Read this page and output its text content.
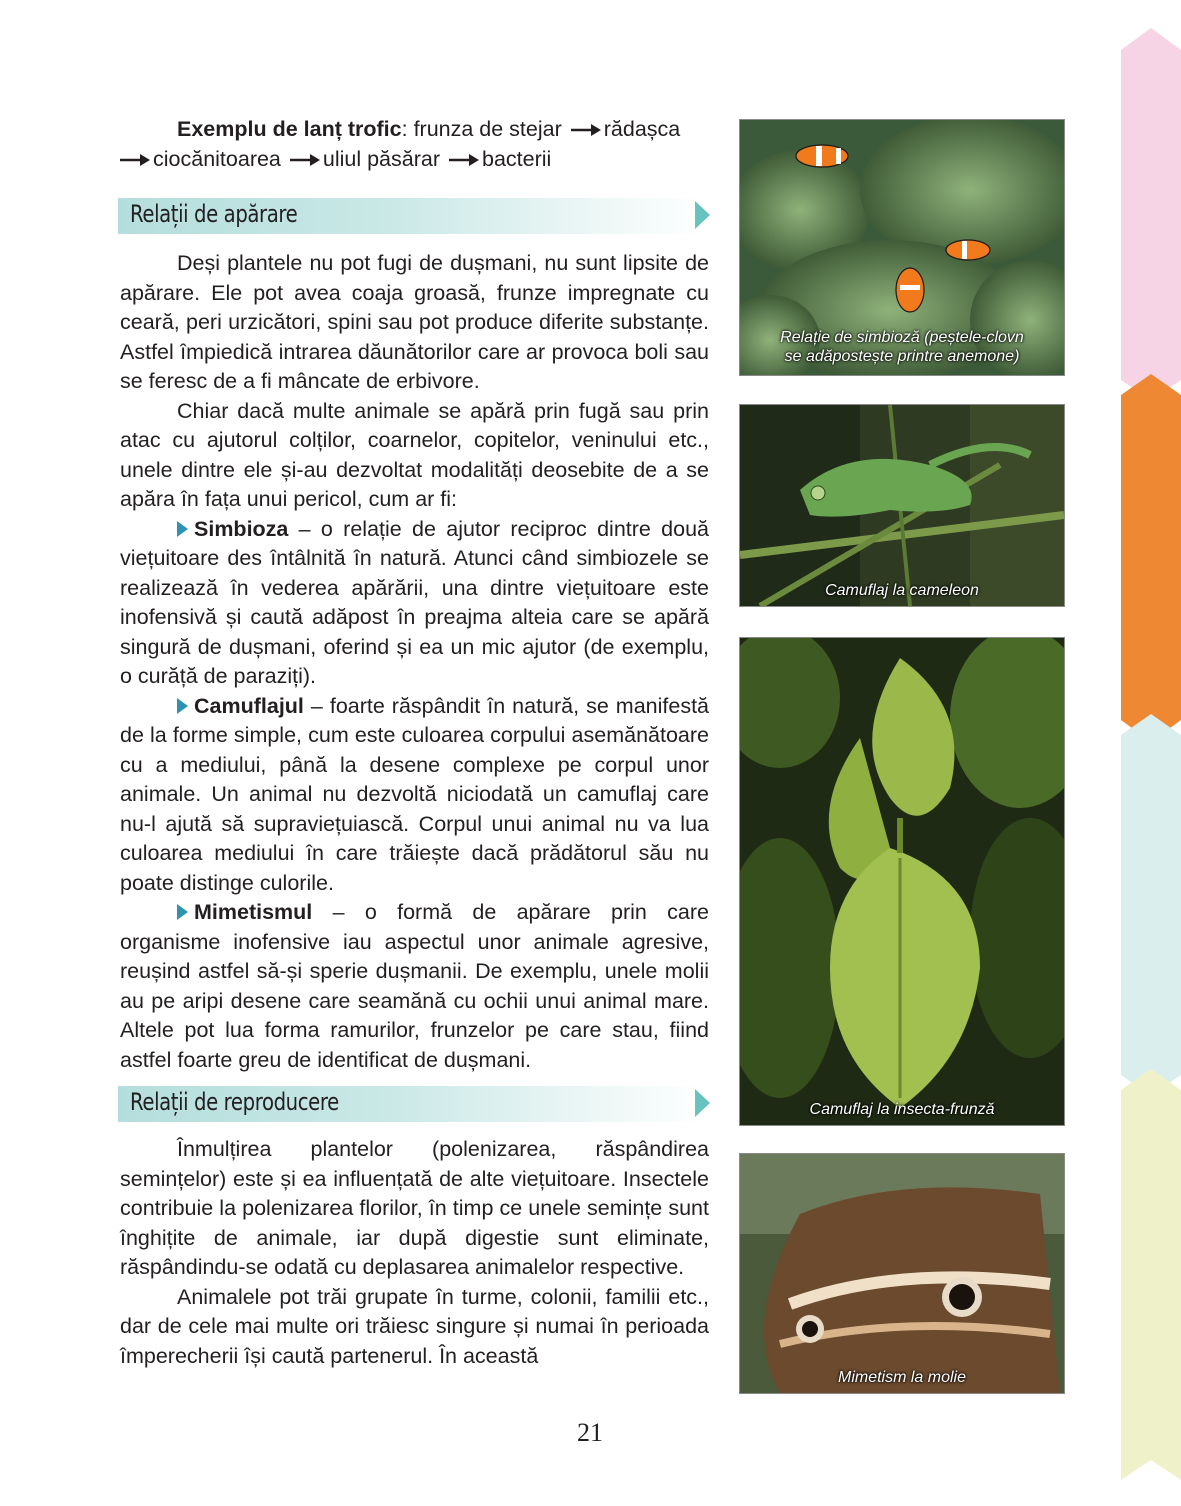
Exemplu de lanț trofic: frunza de stejar rădașca
ciocănitoarea uliul păsărar bacterii
Relații de apărare

Deși plantele nu pot fugi de dușmani, nu sunt lipsite de apărare. Ele pot avea coaja groasă, frunze impregnate cu ceară, peri urzicători, spini sau pot produce diferite substanțe. Astfel împiedică intrarea dăunătorilor care ar provoca boli sau se feresc de a fi mâncate de erbivore.

Chiar dacă multe animale se apără prin fugă sau prin atac cu ajutorul colților, coarnelor, copitelor, veninului etc., unele dintre ele și-au dezvoltat modalități deosebite de a se apăra în fața unui pericol, cum ar fi:

Simbioza – o relație de ajutor reciproc dintre două viețuitoare des întâlnită în natură. Atunci când simbiozele se realizează în vederea apărării, una dintre viețuitoare este inofensivă și caută adăpost în preajma alteia care se apără singură de dușmani, oferind și ea un mic ajutor (de exemplu, o curăță de paraziți).

Camuflajul – foarte răspândit în natură, se manifestă de la forme simple, cum este culoarea corpului asemănătoare cu a mediului, până la desene complexe pe corpul unor animale. Un animal nu dezvoltă niciodată un camuflaj care nu-l ajută să supraviețuiască. Corpul unui animal nu va lua culoarea mediului în care trăiește dacă prădătorul său nu poate distinge culorile.

Mimetismul – o formă de apărare prin care organisme inofensive iau aspectul unor animale agresive, reușind astfel să-și sperie dușmanii. De exemplu, unele molii au pe aripi desene care seamănă cu ochii unui animal mare. Altele pot lua forma ramurilor, frunzelor pe care stau, fiind astfel foarte greu de identificat de dușmani.

Relații de reproducere

Înmulțirea plantelor (polenizarea, răspândirea semințelor) este și ea influențată de alte viețuitoare. Insectele contribuie la polenizarea florilor, în timp ce unele semințe sunt înghițite de animale, iar după digestie sunt eliminate, răspândindu-se odată cu deplasarea animalelor respective.

Animalele pot trăi grupate în turme, colonii, familii etc., dar de cele mai multe ori trăiesc singure și numai în perioada împerecherii își caută partenerul. În această

Relație de simbioză (peștele-clovn
se adăpostește printre anemone)
Camuflaj la cameleon
Camuflaj la insecta-frunză
Mimetism la molie
21
